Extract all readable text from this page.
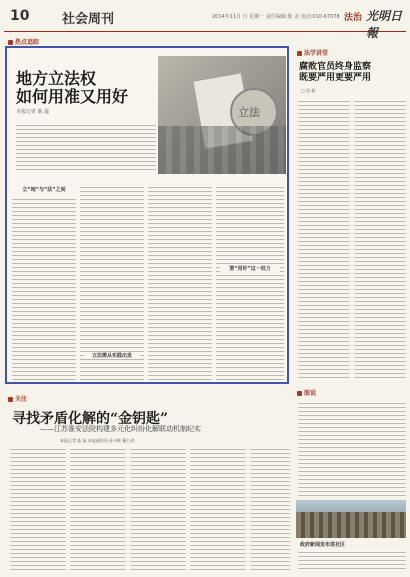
10	社会周刊	2014年11月 日 星期一 责任编辑:陈 龙 电话:010-67078 法治 光明日報
热点追踪
地方立法权
如何用准又用好
本报记者 陈 磊	立法
立“地”与“法”之间
立法需从实践出发
要“用好”这一权力
法学讲堂
腐败官员终身监察
既要严用更要严用
□ 屈 新
关注
寻找矛盾化解的“金钥匙”
——江苏淮安法院构建多元化纠纷化解联动机制纪实
本报记者 陈 磊 本报通讯员 孙丹晖 戴九奇
图说
政府新闻发布进社区
